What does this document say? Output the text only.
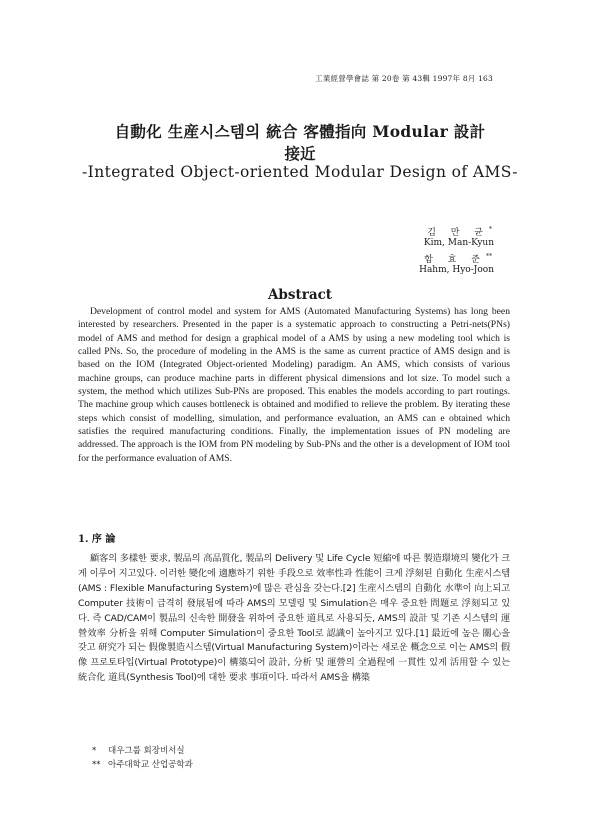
工業經營學會誌 第 20卷 第 43輯 1997年 8月 163
自動化 生産시스템의 統合 客體指向 Modular 設計
接近
-Integrated Object-oriented Modular Design of AMS-
김 만 균*
Kim, Man-Kyun
함 효 준**
Hahm, Hyo-Joon
Abstract

Development of control model and system for AMS (Automated Manufacturing Systems) has long been interested by researchers. Presented in the paper is a systematic approach to constructing a Petri-nets(PNs) model of AMS and method for design a graphical model of a AMS by using a new modeling tool which is called PNs. So, the procedure of modeling in the AMS is the same as current practice of AMS design and is based on the IOM (Integrated Object-oriented Modeling) paradigm. An AMS, which consists of various machine groups, can produce machine parts in different physical dimensions and lot size. To model such a system, the method which utilizes Sub-PNs are proposed. This enables the models according to part routings. The machine group which causes bottleneck is obtained and modified to relieve the problem. By iterating these steps which consist of modelling, simulation, and performance evaluation, an AMS can e obtained which satisfies the required manufacturing conditions. Finally, the implementation issues of PN modeling are addressed. The approach is the IOM from PN modeling by Sub-PNs and the other is a development of IOM tool for the performance evaluation of AMS.

1. 序 論

顧客의 多樣한 要求, 製品의 高品質化, 製品의 Delivery 및 Life Cycle 短縮에 따른 製造環境의 變化가 크게 이루어 지고있다. 이러한 變化에 適應하기 위한 手段으로 效率性과 性能이 크게 浮刻된 自動化 生産시스템(AMS : Flexible Manufacturing System)에 많은 관심을 갖는다.[2] 生産시스템의 自動化 水準이 向上되고 Computer 技術이 급격히 發展됨에 따라 AMS의 모델링 및 Simulation은 매우 중요한 問題로 浮刻되고 있다. 즉 CAD/CAM이 製品의 신속한 開發을 위하여 중요한 道具로 사용되듯, AMS의 設計 및 기존 시스템의 運營效率 分析을 위해 Computer Simulation이 중요한 Tool로 認識이 높아지고 있다.[1] 最近에 높은 關心을 갖고 研究가 되는 假像製造시스템(Virtual Manufacturing System)이라는 새로운 概念으로 이는 AMS의 假像 프로토타입(Virtual Prototype)이 構築되어 設計, 分析 및 運營의 全過程에 一貫性 있게 活用할 수 있는 統合化 道具(Synthesis Tool)에 대한 要求 事項이다. 따라서 AMS을 構築

* 대우그룹 회장비서실
** 아주대학교 산업공학과
